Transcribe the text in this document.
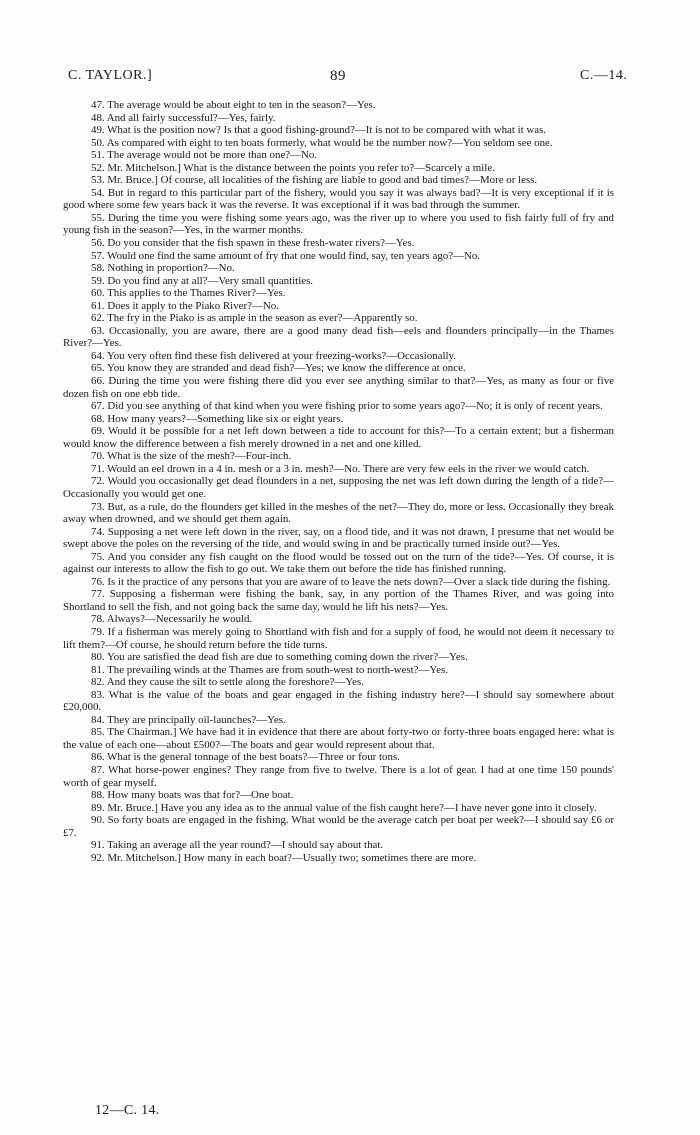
C. TAYLOR.]	89	C.—14.

47. The average would be about eight to ten in the season?—Yes.

48. And all fairly successful?—Yes, fairly.

49. What is the position now? Is that a good fishing-ground?—It is not to be compared with what it was.

50. As compared with eight to ten boats formerly, what would be the number now?—You seldom see one.

51. The average would not be more than one?—No.

52. Mr. Mitchelson.] What is the distance between the points you refer to?—Scarcely a mile.

53. Mr. Bruce.] Of course, all localities of the fishing are liable to good and bad times?—More or less.

54. But in regard to this particular part of the fishery, would you say it was always bad?—It is very exceptional if it is good where some few years back it was the reverse. It was exceptional if it was bad through the summer.

55. During the time you were fishing some years ago, was the river up to where you used to fish fairly full of fry and young fish in the season?—Yes, in the warmer months.

56. Do you consider that the fish spawn in these fresh-water rivers?—Yes.

57. Would one find the same amount of fry that one would find, say, ten years ago?—No.

58. Nothing in proportion?—No.

59. Do you find any at all?—Very small quantities.

60. This applies to the Thames River?—Yes.

61. Does it apply to the Piako River?—No.

62. The fry in the Piako is as ample in the season as ever?—Apparently so.

63. Occasionally, you are aware, there are a good many dead fish—eels and flounders principally—in the Thames River?—Yes.

64. You very often find these fish delivered at your freezing-works?—Occasionally.

65. You know they are stranded and dead fish?—Yes; we know the difference at once.

66. During the time you were fishing there did you ever see anything similar to that?—Yes, as many as four or five dozen fish on one ebb tide.

67. Did you see anything of that kind when you were fishing prior to some years ago?—No; it is only of recent years.

68. How many years?—Something like six or eight years.

69. Would it be possible for a net left down between a tide to account for this?—To a certain extent; but a fisherman would know the difference between a fish merely drowned in a net and one killed.

70. What is the size of the mesh?—Four-inch.

71. Would an eel drown in a 4 in. mesh or a 3 in. mesh?—No. There are very few eels in the river we would catch.

72. Would you occasionally get dead flounders in a net, supposing the net was left down during the length of a tide?—Occasionally you would get one.

73. But, as a rule, do the flounders get killed in the meshes of the net?—They do, more or less. Occasionally they break away when drowned, and we should get them again.

74. Supposing a net were left down in the river, say, on a flood tide, and it was not drawn, I presume that net would be swept above the poles on the reversing of the tide, and would swing in and be practically turned inside out?—Yes.

75. And you consider any fish caught on the flood would be tossed out on the turn of the tide?—Yes. Of course, it is against our interests to allow the fish to go out. We take them out before the tide has finished running.

76. Is it the practice of any persons that you are aware of to leave the nets down?—Over a slack tide during the fishing.

77. Supposing a fisherman were fishing the bank, say, in any portion of the Thames River, and was going into Shortland to sell the fish, and not going back the same day, would he lift his nets?—Yes.

78. Always?—Necessarily he would.

79. If a fisherman was merely going to Shortland with fish and for a supply of food, he would not deem it necessary to lift them?—Of course, he should return before the tide turns.

80. You are satisfied the dead fish are due to something coming down the river?—Yes.

81. The prevailing winds at the Thames are from south-west to north-west?—Yes.

82. And they cause the silt to settle along the foreshore?—Yes.

83. What is the value of the boats and gear engaged in the fishing industry here?—I should say somewhere about £20,000.

84. They are principally oil-launches?—Yes.

85. The Chairman.] We have had it in evidence that there are about forty-two or forty-three boats engaged here: what is the value of each one—about £500?—The boats and gear would represent about that.

86. What is the general tonnage of the best boats?—Three or four tons.

87. What horse-power engines? They range from five to twelve. There is a lot of gear. I had at one time 150 pounds' worth of gear myself.

88. How many boats was that for?—One boat.

89. Mr. Bruce.] Have you any idea as to the annual value of the fish caught here?—I have never gone into it closely.

90. So forty boats are engaged in the fishing. What would be the average catch per boat per week?—I should say £6 or £7.

91. Taking an average all the year round?—I should say about that.

92. Mr. Mitchelson.] How many in each boat?—Usually two; sometimes there are more.

12—C. 14.
